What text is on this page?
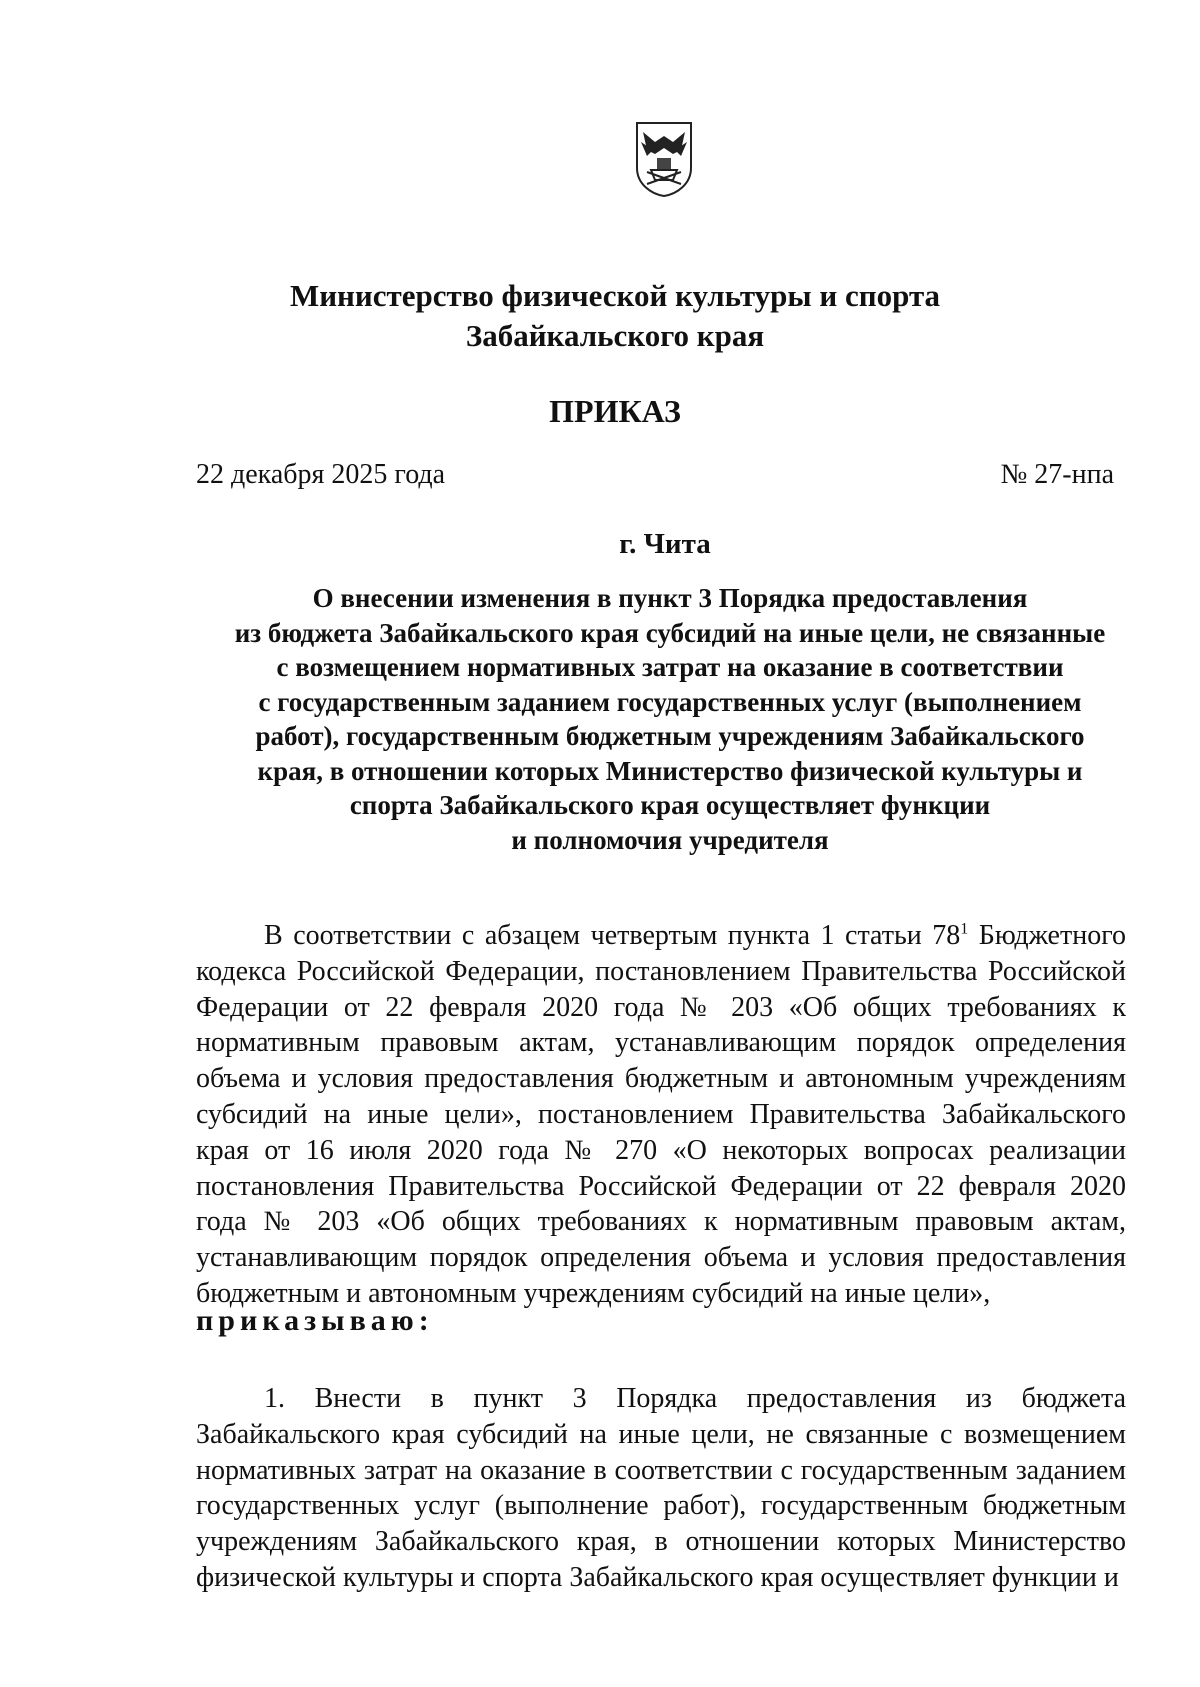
Министерство физической культуры и спорта
Забайкальского края
ПРИКАЗ
22 декабря 2025 года	№ 27-нпа
г. Чита
О внесении изменения в пункт 3 Порядка предоставления
из бюджета Забайкальского края субсидий на иные цели, не связанные
с возмещением нормативных затрат на оказание в соответствии
с государственным заданием государственных услуг (выполнением
работ), государственным бюджетным учреждениям Забайкальского
края, в отношении которых Министерство физической культуры и
спорта Забайкальского края осуществляет функции
и полномочия учредителя

В соответствии с абзацем четвертым пункта 1 статьи $78^1$ Бюджетного кодекса Российской Федерации, постановлением Правительства Российской Федерации от 22 февраля 2020 года № 203 «Об общих требованиях к нормативным правовым актам, устанавливающим порядок определения объема и условия предоставления бюджетным и автономным учреждениям субсидий на иные цели», постановлением Правительства Забайкальского края от 16 июля 2020 года № 270 «О некоторых вопросах реализации постановления Правительства Российской Федерации от 22 февраля 2020 года № 203 «Об общих требованиях к нормативным правовым актам, устанавливающим порядок определения объема и условия предоставления бюджетным и автономным учреждениям субсидий на иные цели»,

приказываю:

1. Внести в пункт 3 Порядка предоставления из бюджета Забайкальского края субсидий на иные цели, не связанные с возмещением нормативных затрат на оказание в соответствии с государственным заданием государственных услуг (выполнение работ), государственным бюджетным учреждениям Забайкальского края, в отношении которых Министерство физической культуры и спорта Забайкальского края осуществляет функции и
